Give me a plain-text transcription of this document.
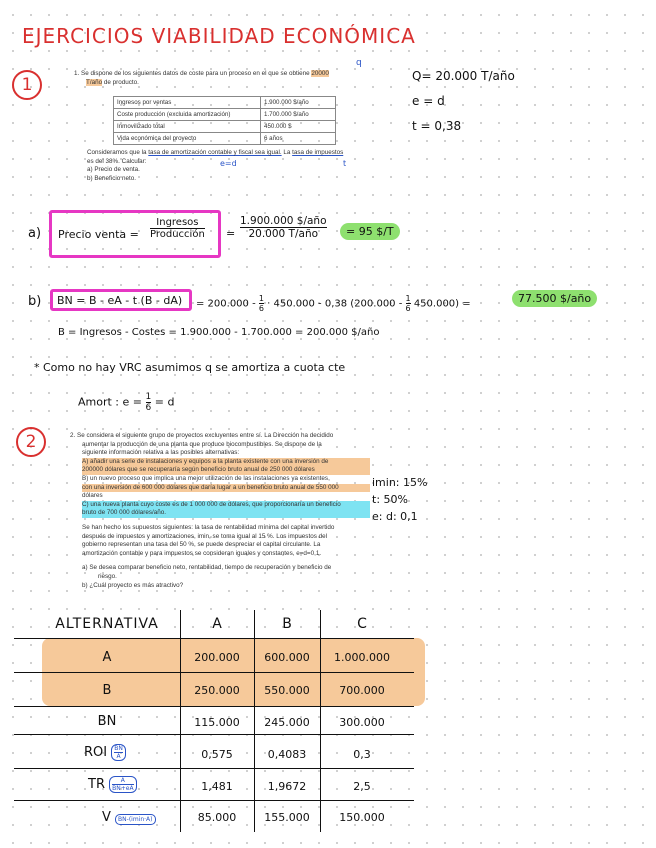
EJERCICIOS VIABILIDAD ECONÓMICA
1
1. Se dispone de los siguientes datos de coste para un proceso en el que se obtiene 20000
T/año de producto.
q
Ingresos por ventas	1.900.000 $/año
Coste producción (excluida amortización)	1.700.000 $/año
Inmovilizado total	450.000 $
Vida económica del proyecto	6 años
Consideramos que la tasa de amortización contable y fiscal sea igual. La tasa de impuestos
es del 38%. Calcular:
a) Precio de venta.
b) Beneficio neto.
e=d	t
Q= 20.000 T/año
e = d
t = 0,38
a) Precio venta =
Ingresos
Producción =
1.900.000 $/año
20.000 T/año	= 95 $/T
b)	BN = B - eA - t (B - dA)	= $200.000 - \frac{1}{6} \cdot 450.000 - 0,38$ $(200.000 - \frac{1}{6} 450.000)$ =	77.500 $/año
B = Ingresos - Costes = 1.900.000 - 1.700.000 = 200.000 $/año
* Como no hay VRC asumimos q se amortiza a cuota cte
Amort : $e = \frac{1}{6} = d$
2	2. Se considera el siguiente grupo de proyectos excluyentes entre sí. La Dirección ha decidido
aumentar la producción de una planta que produce biocombustibles. Se dispone de la
siguiente información relativa a las posibles alternativas:
A) añadir una serie de instalaciones y equipos a la planta existente con una inversión de
200000 dólares que se recuperaría según beneficio bruto anual de 250 000 dólares
B) un nuevo proceso que implica una mejor utilización de las instalaciones ya existentes,
con una inversión de 600 000 dólares que daría lugar a un beneficio bruto anual de 550 000
dólares
C) una nueva planta cuyo coste es de 1 000 000 de dólares, que proporcionaría un beneficio
bruto de 700 000 dólares/año.
Se han hecho los supuestos siguientes: la tasa de rentabilidad mínima del capital invertido
después de impuestos y amortizaciones, imin, se toma igual al 15 %. Los impuestos del
gobierno representan una tasa del 50 %, se puede despreciar el capital circulante. La
amortización contable y para impuestos se consideran iguales y constantes, e=d=0,1.
a) Se desea comparar beneficio neto, rentabilidad, tiempo de recuperación y beneficio de
riesgo.
b) ¿Cuál proyecto es más atractivo?
imin: 15%
t: 50%
e: d: 0,1
ALTERNATIVA	A	B	C
A	200.000	600.000	1.000.000
B	250.000	550.000	700.000
BN	115.000	245.000	300.000
ROI $\frac{BN}{A}$	0,575	0,4083	0,3
TR $\frac{A}{BN+eA}$	1,481	1,9672	2,5
V BN-(imin·A)	85.000	155.000	150.000
